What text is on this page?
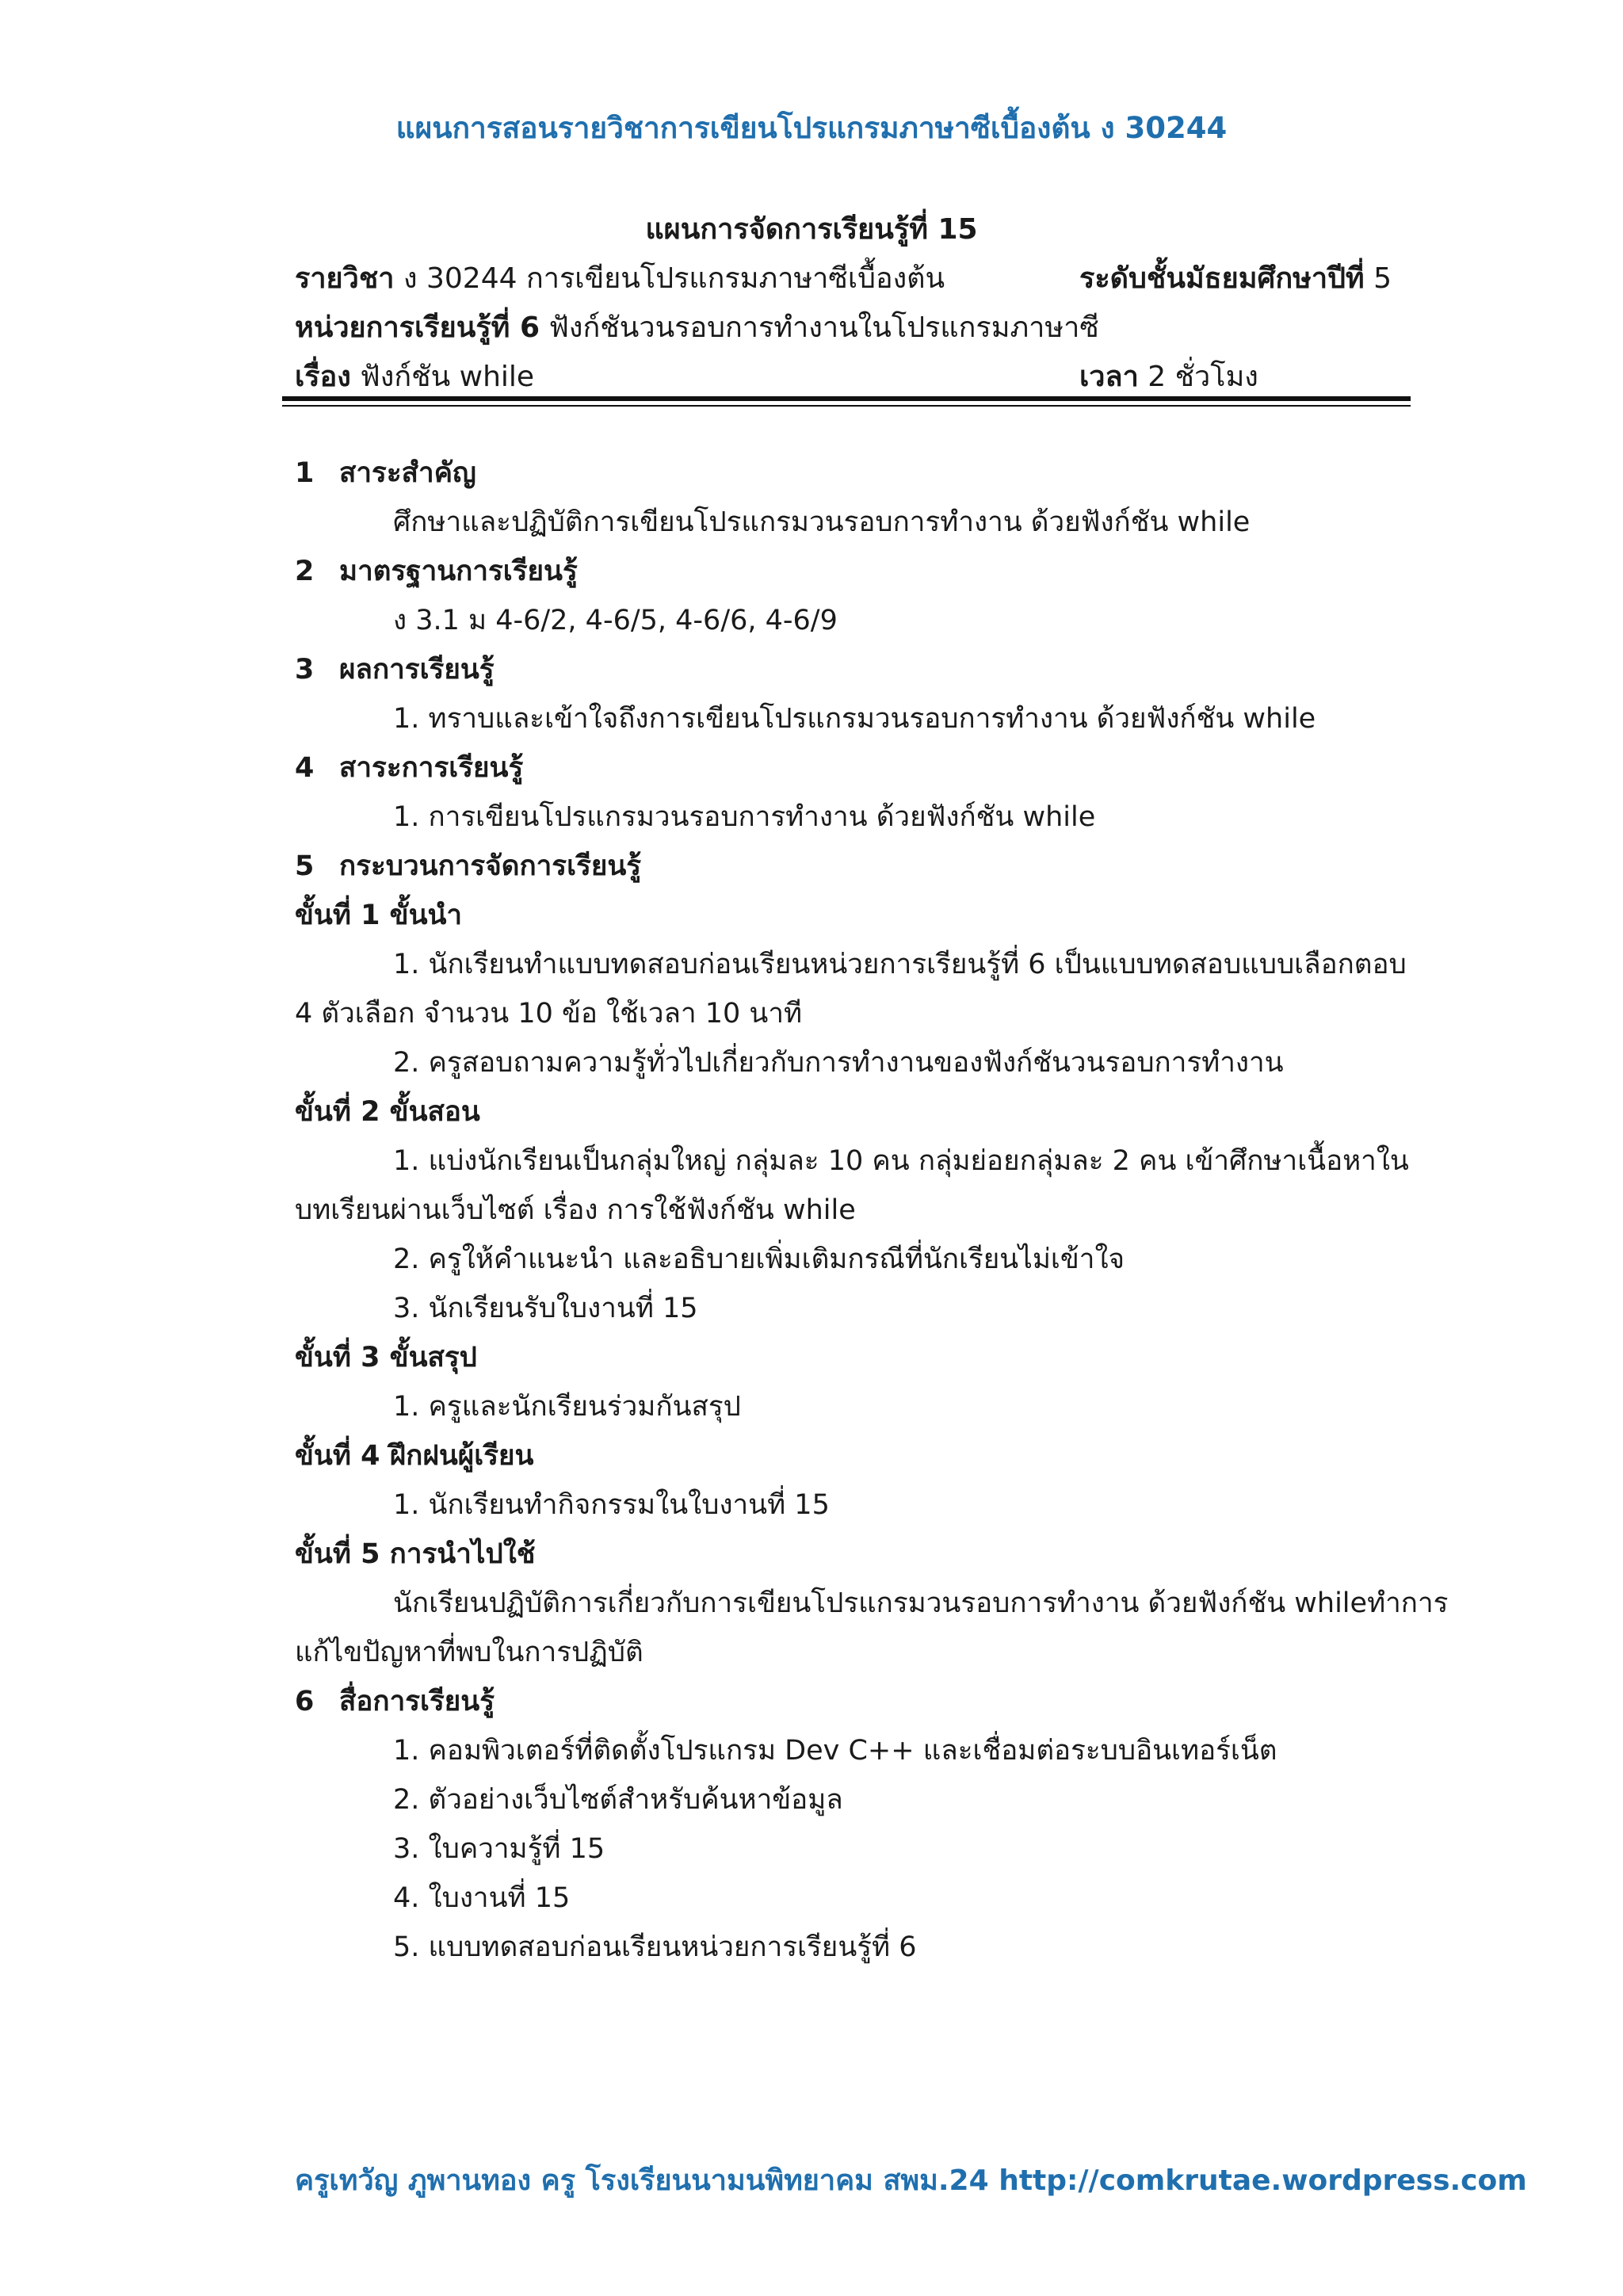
แผนการสอนรายวิชาการเขียนโปรแกรมภาษาซีเบื้องต้น ง 30244
แผนการจัดการเรียนรู้ที่ 15
รายวิชา ง 30244 การเขียนโปรแกรมภาษาซีเบื้องต้น	ระดับชั้นมัธยมศึกษาปีที่ 5
หน่วยการเรียนรู้ที่ 6 ฟังก์ชันวนรอบการทำงานในโปรแกรมภาษาซี
เรื่อง ฟังก์ชัน while	เวลา 2 ชั่วโมง
1 สาระสำคัญ
ศึกษาและปฏิบัติการเขียนโปรแกรมวนรอบการทำงาน ด้วยฟังก์ชัน while
2 มาตรฐานการเรียนรู้
ง 3.1 ม 4-6/2, 4-6/5, 4-6/6, 4-6/9
3 ผลการเรียนรู้
1. ทราบและเข้าใจถึงการเขียนโปรแกรมวนรอบการทำงาน ด้วยฟังก์ชัน while
4 สาระการเรียนรู้
1. การเขียนโปรแกรมวนรอบการทำงาน ด้วยฟังก์ชัน while
5 กระบวนการจัดการเรียนรู้
ขั้นที่ 1 ขั้นนำ
1. นักเรียนทำแบบทดสอบก่อนเรียนหน่วยการเรียนรู้ที่ 6 เป็นแบบทดสอบแบบเลือกตอบ
4 ตัวเลือก จำนวน 10 ข้อ ใช้เวลา 10 นาที
2. ครูสอบถามความรู้ทั่วไปเกี่ยวกับการทำงานของฟังก์ชันวนรอบการทำงาน
ขั้นที่ 2 ขั้นสอน
1. แบ่งนักเรียนเป็นกลุ่มใหญ่ กลุ่มละ 10 คน กลุ่มย่อยกลุ่มละ 2 คน เข้าศึกษาเนื้อหาใน
บทเรียนผ่านเว็บไซต์ เรื่อง การใช้ฟังก์ชัน while
2. ครูให้คำแนะนำ และอธิบายเพิ่มเติมกรณีที่นักเรียนไม่เข้าใจ
3. นักเรียนรับใบงานที่ 15
ขั้นที่ 3 ขั้นสรุป
1. ครูและนักเรียนร่วมกันสรุป
ขั้นที่ 4 ฝึกฝนผู้เรียน
1. นักเรียนทำกิจกรรมในใบงานที่ 15
ขั้นที่ 5 การนำไปใช้
นักเรียนปฏิบัติการเกี่ยวกับการเขียนโปรแกรมวนรอบการทำงาน ด้วยฟังก์ชัน whileทำการ
แก้ไขปัญหาที่พบในการปฏิบัติ
6 สื่อการเรียนรู้
1. คอมพิวเตอร์ที่ติดตั้งโปรแกรม Dev C++ และเชื่อมต่อระบบอินเทอร์เน็ต
2. ตัวอย่างเว็บไซต์สำหรับค้นหาข้อมูล
3. ใบความรู้ที่ 15
4. ใบงานที่ 15
5. แบบทดสอบก่อนเรียนหน่วยการเรียนรู้ที่ 6
ครูเทวัญ ภูพานทอง ครู โรงเรียนนามนพิทยาคม สพม.24 http://comkrutae.wordpress.com
